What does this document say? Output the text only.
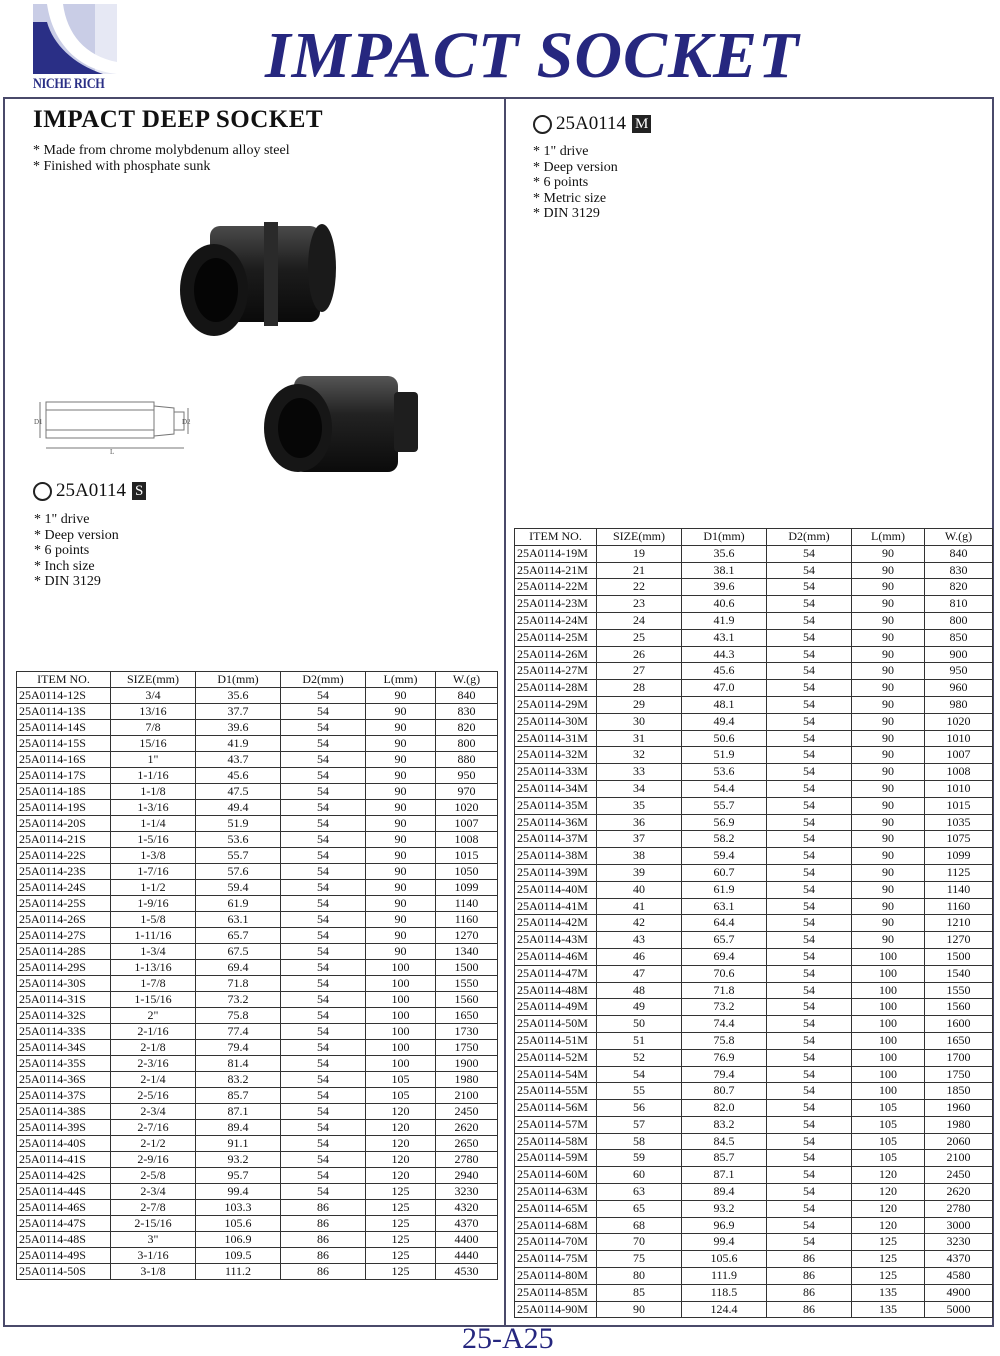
NICHE RICH IMPACT SOCKET
IMPACT DEEP SOCKET
* Made from chrome molybdenum alloy steel
* Finished with phosphate sunk
D1	D2
L
25A0114 S
* 1" drive
* Deep version
* 6 points
* Inch size
* DIN 3129
25A0114 M
* 1" drive
* Deep version
* 6 points
* Metric size
* DIN 3129
ITEM NO.	SIZE(mm)	D1(mm)	D2(mm)	L(mm)	W.(g)
25A0114-12S	3/4	35.6	54	90	840
25A0114-13S	13/16	37.7	54	90	830
25A0114-14S	7/8	39.6	54	90	820
25A0114-15S	15/16	41.9	54	90	800
25A0114-16S	1"	43.7	54	90	880
25A0114-17S	1-1/16	45.6	54	90	950
25A0114-18S	1-1/8	47.5	54	90	970
25A0114-19S	1-3/16	49.4	54	90	1020
25A0114-20S	1-1/4	51.9	54	90	1007
25A0114-21S	1-5/16	53.6	54	90	1008
25A0114-22S	1-3/8	55.7	54	90	1015
25A0114-23S	1-7/16	57.6	54	90	1050
25A0114-24S	1-1/2	59.4	54	90	1099
25A0114-25S	1-9/16	61.9	54	90	1140
25A0114-26S	1-5/8	63.1	54	90	1160
25A0114-27S	1-11/16	65.7	54	90	1270
25A0114-28S	1-3/4	67.5	54	90	1340
25A0114-29S	1-13/16	69.4	54	100	1500
25A0114-30S	1-7/8	71.8	54	100	1550
25A0114-31S	1-15/16	73.2	54	100	1560
25A0114-32S	2"	75.8	54	100	1650
25A0114-33S	2-1/16	77.4	54	100	1730
25A0114-34S	2-1/8	79.4	54	100	1750
25A0114-35S	2-3/16	81.4	54	100	1900
25A0114-36S	2-1/4	83.2	54	105	1980
25A0114-37S	2-5/16	85.7	54	105	2100
25A0114-38S	2-3/4	87.1	54	120	2450
25A0114-39S	2-7/16	89.4	54	120	2620
25A0114-40S	2-1/2	91.1	54	120	2650
25A0114-41S	2-9/16	93.2	54	120	2780
25A0114-42S	2-5/8	95.7	54	120	2940
25A0114-44S	2-3/4	99.4	54	125	3230
25A0114-46S	2-7/8	103.3	86	125	4320
25A0114-47S	2-15/16	105.6	86	125	4370
25A0114-48S	3"	106.9	86	125	4400
25A0114-49S	3-1/16	109.5	86	125	4440
25A0114-50S	3-1/8	111.2	86	125	4530
ITEM NO.	SIZE(mm)	D1(mm)	D2(mm)	L(mm)	W.(g)
25A0114-19M	19	35.6	54	90	840
25A0114-21M	21	38.1	54	90	830
25A0114-22M	22	39.6	54	90	820
25A0114-23M	23	40.6	54	90	810
25A0114-24M	24	41.9	54	90	800
25A0114-25M	25	43.1	54	90	850
25A0114-26M	26	44.3	54	90	900
25A0114-27M	27	45.6	54	90	950
25A0114-28M	28	47.0	54	90	960
25A0114-29M	29	48.1	54	90	980
25A0114-30M	30	49.4	54	90	1020
25A0114-31M	31	50.6	54	90	1010
25A0114-32M	32	51.9	54	90	1007
25A0114-33M	33	53.6	54	90	1008
25A0114-34M	34	54.4	54	90	1010
25A0114-35M	35	55.7	54	90	1015
25A0114-36M	36	56.9	54	90	1035
25A0114-37M	37	58.2	54	90	1075
25A0114-38M	38	59.4	54	90	1099
25A0114-39M	39	60.7	54	90	1125
25A0114-40M	40	61.9	54	90	1140
25A0114-41M	41	63.1	54	90	1160
25A0114-42M	42	64.4	54	90	1210
25A0114-43M	43	65.7	54	90	1270
25A0114-46M	46	69.4	54	100	1500
25A0114-47M	47	70.6	54	100	1540
25A0114-48M	48	71.8	54	100	1550
25A0114-49M	49	73.2	54	100	1560
25A0114-50M	50	74.4	54	100	1600
25A0114-51M	51	75.8	54	100	1650
25A0114-52M	52	76.9	54	100	1700
25A0114-54M	54	79.4	54	100	1750
25A0114-55M	55	80.7	54	100	1850
25A0114-56M	56	82.0	54	105	1960
25A0114-57M	57	83.2	54	105	1980
25A0114-58M	58	84.5	54	105	2060
25A0114-59M	59	85.7	54	105	2100
25A0114-60M	60	87.1	54	120	2450
25A0114-63M	63	89.4	54	120	2620
25A0114-65M	65	93.2	54	120	2780
25A0114-68M	68	96.9	54	120	3000
25A0114-70M	70	99.4	54	125	3230
25A0114-75M	75	105.6	86	125	4370
25A0114-80M	80	111.9	86	125	4580
25A0114-85M	85	118.5	86	135	4900
25A0114-90M	90	124.4	86	135	5000
25-A25
